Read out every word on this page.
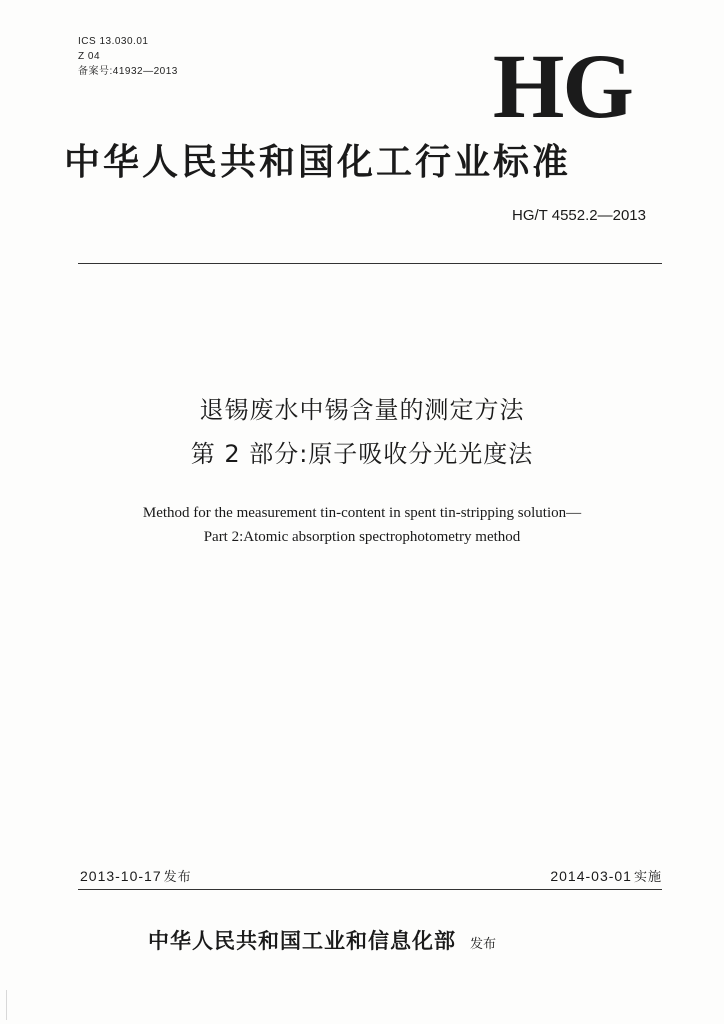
ICS 13.030.01
Z 04
备案号:41932—2013	HG
中华人民共和国化工行业标准
HG/T 4552.2—2013
退锡废水中锡含量的测定方法
第 2 部分:原子吸收分光光度法
Method for the measurement tin-content in spent tin-stripping solution—
Part 2:Atomic absorption spectrophotometry method
2013-10-17 发布	2014-03-01 实施
中华人民共和国工业和信息化部 发布
